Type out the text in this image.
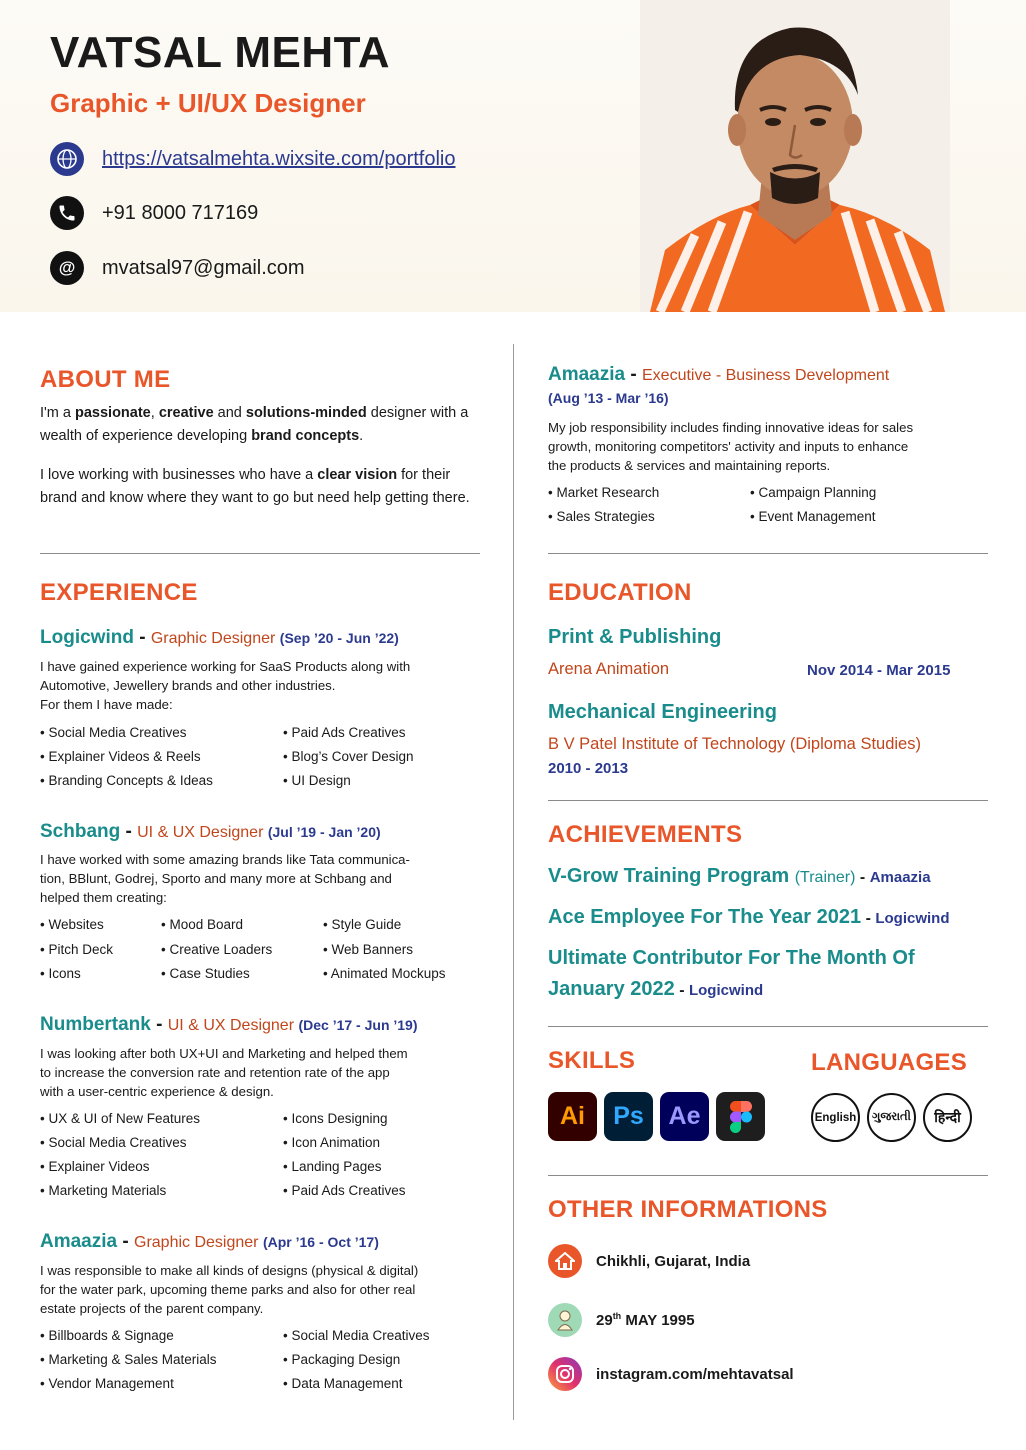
VATSAL MEHTA
Graphic + UI/UX Designer
https://vatsalmehta.wixsite.com/portfolio
+91 8000 717169
@	mvatsal97@gmail.com
ABOUT ME
I'm a passionate, creative and solutions-minded designer with a wealth of experience developing brand concepts.
I love working with businesses who have a clear vision for their brand and know where they want to go but need help getting there.
EXPERIENCE
Logicwind - Graphic Designer (Sep ’20 - Jun ’22)
I have gained experience working for SaaS Products along with
Automotive, Jewellery brands and other industries.
For them I have made:
• Social Media Creatives	• Paid Ads Creatives
• Explainer Videos & Reels	• Blog’s Cover Design
• Branding Concepts & Ideas	• UI Design
Schbang - UI & UX Designer (Jul ’19 - Jan ’20)
I have worked with some amazing brands like Tata communica-
tion, BBlunt, Godrej, Sporto and many more at Schbang and
helped them creating:
• Websites	• Mood Board	• Style Guide
• Pitch Deck	• Creative Loaders	• Web Banners
• Icons	• Case Studies	• Animated Mockups
Numbertank - UI & UX Designer (Dec ’17 - Jun ’19)
I was looking after both UX+UI and Marketing and helped them
to increase the conversion rate and retention rate of the app
with a user-centric experience & design.
• UX & UI of New Features	• Icons Designing
• Social Media Creatives	• Icon Animation
• Explainer Videos	• Landing Pages
• Marketing Materials	• Paid Ads Creatives
Amaazia - Graphic Designer (Apr ’16 - Oct ’17)
I was responsible to make all kinds of designs (physical & digital)
for the water park, upcoming theme parks and also for other real
estate projects of the parent company.
• Billboards & Signage	• Social Media Creatives
• Marketing & Sales Materials	• Packaging Design
• Vendor Management	• Data Management
Amaazia - Executive - Business Development
(Aug ’13 - Mar ’16)
My job responsibility includes finding innovative ideas for sales
growth, monitoring competitors' activity and inputs to enhance
the products & services and maintaining reports.
• Market Research	• Campaign Planning
• Sales Strategies	• Event Management
EDUCATION
Print & Publishing
Arena Animation	Nov 2014 - Mar 2015
Mechanical Engineering
B V Patel Institute of Technology (Diploma Studies)
2010 - 2013
ACHIEVEMENTS
V-Grow Training Program (Trainer) - Amaazia
Ace Employee For The Year 2021 - Logicwind
Ultimate Contributor For The Month Of
January 2022 - Logicwind
SKILLS
Ai Ps Ae
LANGUAGES
English	ગુજરાતી	हिन्दी
OTHER INFORMATIONS
Chikhli, Gujarat, India
29th MAY 1995
instagram.com/mehtavatsal
